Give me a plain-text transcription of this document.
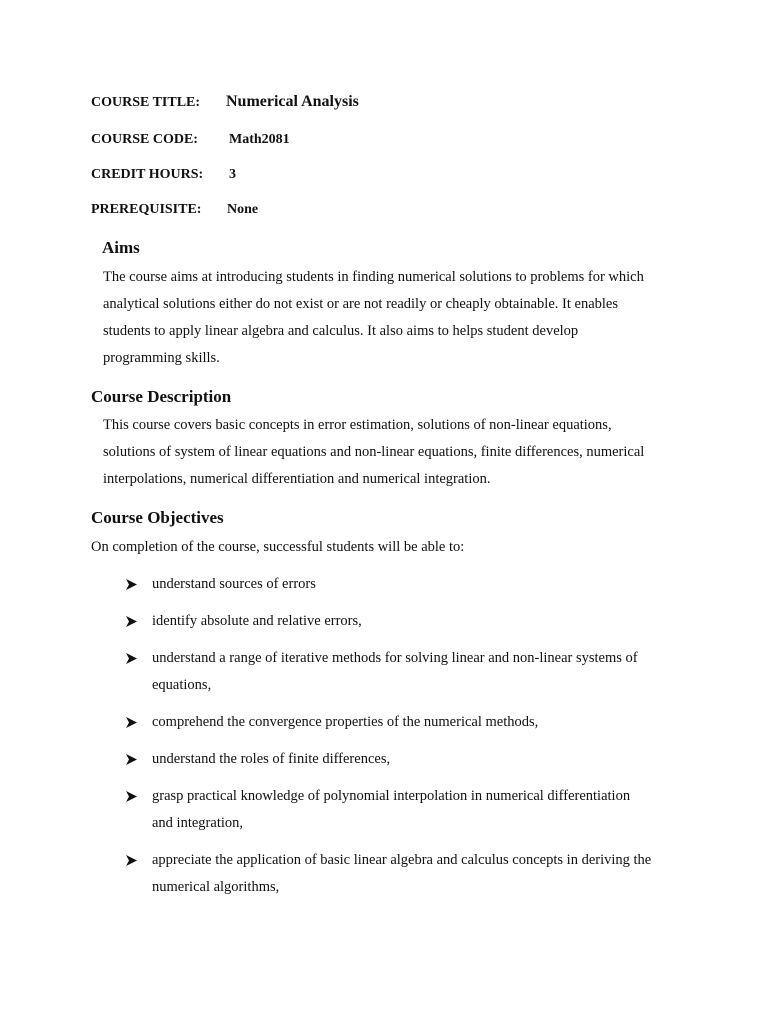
COURSE TITLE: Numerical Analysis
COURSE CODE: Math2081
CREDIT HOURS: 3
PREREQUISITE: None
Aims
The course aims at introducing students in finding numerical solutions to problems for which
analytical solutions either do not exist or are not readily or cheaply obtainable. It enables
students to apply linear algebra and calculus. It also aims to helps student develop
programming skills.
Course Description
This course covers basic concepts in error estimation, solutions of non-linear equations,
solutions of system of linear equations and non-linear equations, finite differences, numerical
interpolations, numerical differentiation and numerical integration.
Course Objectives
On completion of the course, successful students will be able to:
understand sources of errors
identify absolute and relative errors,
understand a range of iterative methods for solving linear and non-linear systems of
equations,
comprehend the convergence properties of the numerical methods,
understand the roles of finite differences,
grasp practical knowledge of polynomial interpolation in numerical differentiation
and integration,
appreciate the application of basic linear algebra and calculus concepts in deriving the
numerical algorithms,
